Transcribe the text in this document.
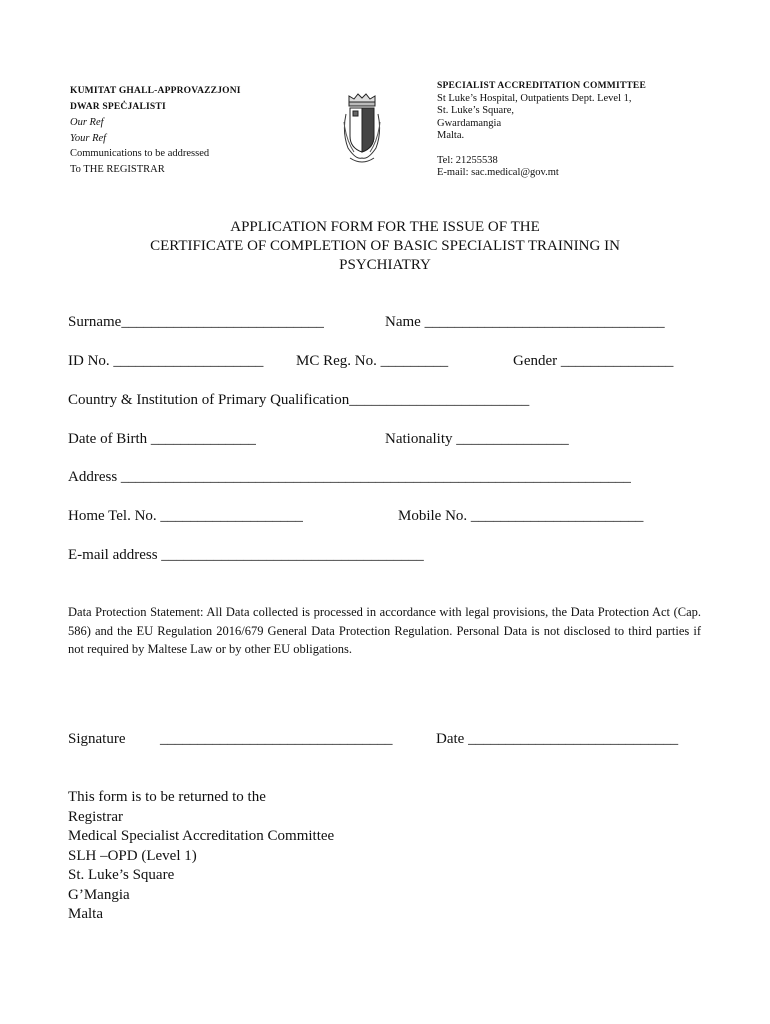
KUMITAT GHALL-APPROVAZZJONI
DWAR SPEĊJALISTI
Our Ref
Your Ref
Communications to be addressed
To THE REGISTRAR
SPECIALIST ACCREDITATION COMMITTEE
St Luke’s Hospital, Outpatients Dept. Level 1,
St. Luke’s Square,
Gwardamangia
Malta.
Tel: 21255538
E-mail: sac.medical@gov.mt
APPLICATION FORM FOR THE ISSUE OF THE
CERTIFICATE OF COMPLETION OF BASIC SPECIALIST TRAINING IN
PSYCHIATRY
Surname___________________________	Name ________________________________
ID No. ____________________ MC Reg. No. _________	Gender _______________
Country & Institution of Primary Qualification________________________
Date of Birth ______________	Nationality _______________
Address ____________________________________________________________________
Home Tel. No. ___________________	Mobile No. _______________________
E-mail address ___________________________________
Data Protection Statement: All Data collected is processed in accordance with legal provisions, the Data Protection Act (Cap. 586) and the EU Regulation 2016/679 General Data Protection Regulation. Personal Data is not disclosed to third parties if not required by Maltese Law or by other EU obligations.
Signature _______________________________	Date ____________________________
This form is to be returned to the
Registrar
Medical Specialist Accreditation Committee
SLH –OPD (Level 1)
St. Luke’s Square
G’Mangia
Malta
